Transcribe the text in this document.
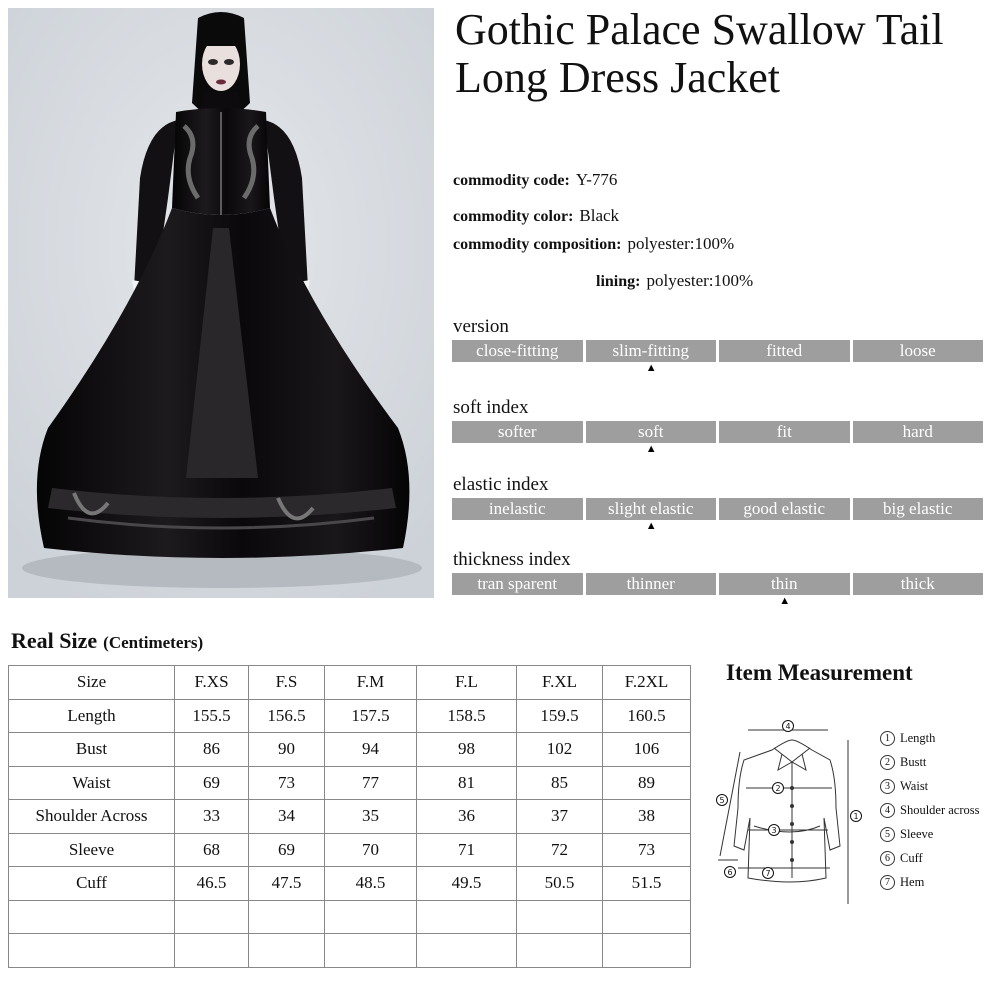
Gothic Palace Swallow Tail Long Dress Jacket
commodity code: Y-776
commodity color: Black
commodity composition: polyester:100%
lining: polyester:100%
version
close-fitting	slim-fitting	fitted	loose
▲
soft index
softer	soft	fit	hard
▲
elastic index
inelastic	slight elastic	good elastic	big elastic
▲
thickness index
tran sparent	thinner	thin	thick
▲
Real Size (Centimeters)
Size	F.XS	F.S	F.M	F.L	F.XL	F.2XL
Length	155.5	156.5	157.5	158.5	159.5	160.5
Bust	86	90	94	98	102	106
Waist	69	73	77	81	85	89
Shoulder Across	33	34	35	36	37	38
Sleeve	68	69	70	71	72	73
Cuff	46.5	47.5	48.5	49.5	50.5	51.5

Item Measurement
1
2
3
4
5
6	7
1 Length
2 Bustt
3 Waist
4 Shoulder across
5 Sleeve
6 Cuff
7 Hem
